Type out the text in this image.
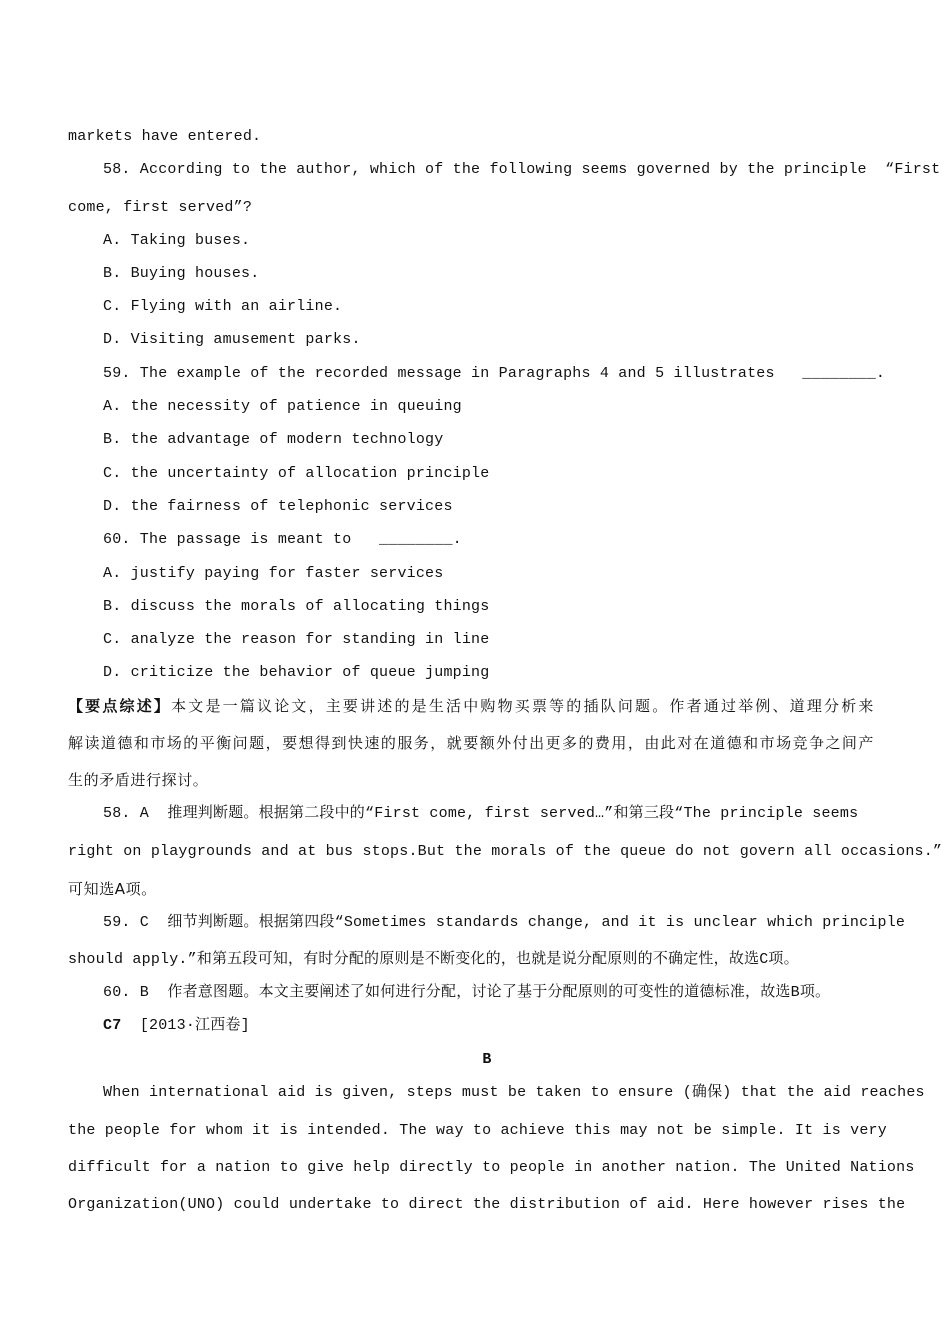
markets have entered.
58. According to the author, which of the following seems governed by the principle  “First
come, first served”?
A. Taking buses.
B. Buying houses.
C. Flying with an airline.
D. Visiting amusement parks.
59. The example of the recorded message in Paragraphs 4 and 5 illustrates   ________.
A. the necessity of patience in queuing
B. the advantage of modern technology
C. the uncertainty of allocation principle
D. the fairness of telephonic services
60. The passage is meant to   ________.
A. justify paying for faster services
B. discuss the morals of allocating things
C. analyze the reason for standing in line
D. criticize the behavior of queue jumping
【要点综述】本文是一篇议论文，主要讲述的是生活中购物买票等的插队问题。作者通过举例、道理分析来
解读道德和市场的平衡问题，要想得到快速的服务，就要额外付出更多的费用，由此对在道德和市场竞争之间产
生的矛盾进行探讨。
58. A  推理判断题。根据第二段中的“First come, first served…”和第三段“The principle seems
right on playgrounds and at bus stops.But the morals of the queue do not govern all occasions.”
可知选A项。
59. C  细节判断题。根据第四段“Sometimes standards change, and it is unclear which principle
should apply.”和第五段可知，有时分配的原则是不断变化的，也就是说分配原则的不确定性，故选C项。
60. B  作者意图题。本文主要阐述了如何进行分配，讨论了基于分配原则的可变性的道德标准，故选B项。
C7 [2013·江西卷]
B
When international aid is given, steps must be taken to ensure (确保) that the aid reaches
the people for whom it is intended. The way to achieve this may not be simple. It is very
difficult for a nation to give help directly to people in another nation. The United Nations
Organization(UNO) could undertake to direct the distribution of aid. Here however rises the
